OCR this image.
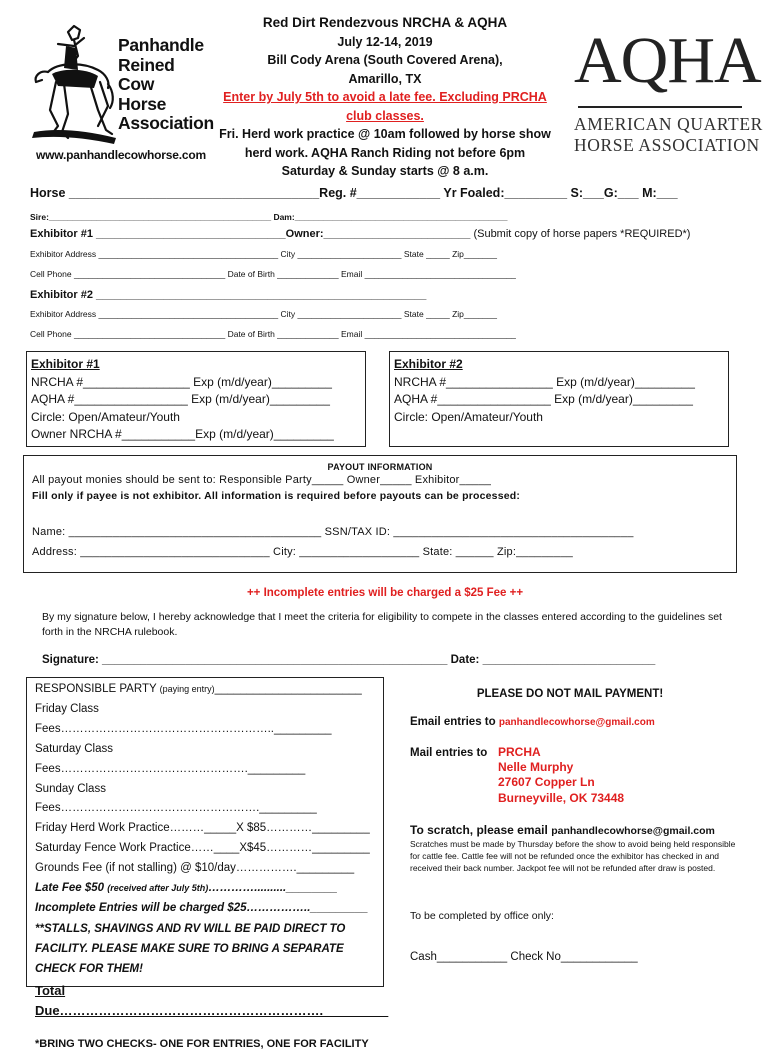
Panhandle
Reined
Cow
Horse
Association
www.panhandlecowhorse.com
Red Dirt Rendezvous NRCHA & AQHA
July 12-14, 2019
Bill Cody Arena (South Covered Arena),
Amarillo, TX
Enter by July 5th to avoid a late fee. Excluding PRCHA club classes.
Fri. Herd work practice @ 10am followed by horse show
herd work. AQHA Ranch Riding not before 6pm
Saturday & Sunday starts @ 8 a.m.
AQHA
AMERICAN QUARTER
HORSE ASSOCIATION
Horse ____________________________________Reg. #____________ Yr Foaled:_________ S:___G:___ M:___
Sire:_______________________________________________ Dam:_____________________________________________
Exhibitor #1 _______________________________Owner:________________________ (Submit copy of horse papers *REQUIRED*)
Exhibitor Address ______________________________________ City ______________________ State _____ Zip_______
Cell Phone ________________________________ Date of Birth _____________ Email ________________________________
Exhibitor #2 ______________________________________________________
Exhibitor Address ______________________________________ City ______________________ State _____ Zip_______
Cell Phone ________________________________ Date of Birth _____________ Email ________________________________
Exhibitor #1
NRCHA #________________ Exp (m/d/year)_________
AQHA #_________________ Exp (m/d/year)_________
Circle: Open/Amateur/Youth
Owner NRCHA #___________Exp (m/d/year)_________
Exhibitor #2
NRCHA #________________ Exp (m/d/year)_________
AQHA #_________________ Exp (m/d/year)_________
Circle: Open/Amateur/Youth
PAYOUT INFORMATION
All payout monies should be sent to: Responsible Party_____ Owner_____ Exhibitor_____
Fill only if payee is not exhibitor. All information is required before payouts can be processed:
Name: ________________________________________ SSN/TAX ID: ______________________________________
Address: ______________________________ City: ___________________ State: ______ Zip:_________
++ Incomplete entries will be charged a $25 Fee ++
By my signature below, I hereby acknowledge that I meet the criteria for eligibility to compete in the classes entered according to the guidelines set forth in the NRCHA rulebook.
Signature: ______________________________________________________ Date: ___________________________
RESPONSIBLE PARTY (paying entry)_______________________
Friday Class Fees……………………………………………….._________
Saturday Class Fees…………………………………………._________
Sunday Class Fees……………………………………………._________
Friday Herd Work Practice………_____X $85…………_________
Saturday Fence Work Practice……____X$45…………_________
Grounds Fee (if not stalling) @ $10/day……………._________
Late Fee $50 (received after July 5th)…………..........________
Incomplete Entries will be charged $25…………….._________
**STALLS, SHAVINGS AND RV WILL BE PAID DIRECT TO FACILITY. PLEASE MAKE SURE TO BRING A SEPARATE CHECK FOR THEM!
Total Due……………………………………………………._________
*BRING TWO CHECKS- ONE FOR ENTRIES, ONE FOR FACILITY
PLEASE DO NOT MAIL PAYMENT!
Email entries to panhandlecowhorse@gmail.com
Mail entries to PRCHA
Nelle Murphy
27607 Copper Ln
Burneyville, OK 73448
To scratch, please email panhandlecowhorse@gmail.com
Scratches must be made by Thursday before the show to avoid being held responsible for cattle fee. Cattle fee will not be refunded once the exhibitor has checked in and received their back number. Jackpot fee will not be refunded after draw is posted.
To be completed by office only:
Cash___________ Check No____________
